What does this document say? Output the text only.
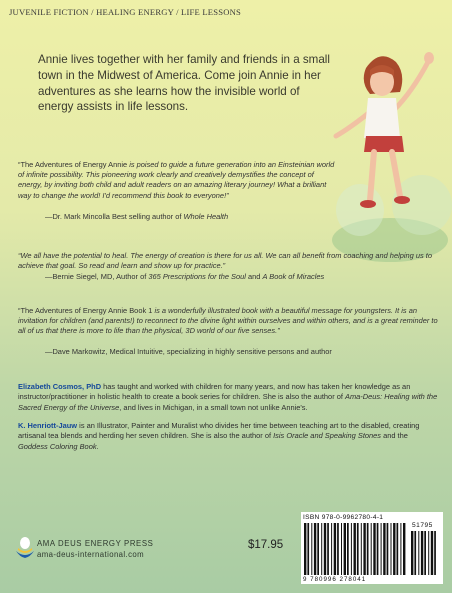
JUVENILE FICTION / HEALING ENERGY / LIFE LESSONS
Annie lives together with her family and friends in a small town in the Midwest of America. Come join Annie in her adventures as she learns how the invisible world of energy assists in life lessons.
“The Adventures of Energy Annie is poised to guide a future generation into an Einsteinian world of infinite possibility. This pioneering work clearly and creatively demystifies the concept of energy, by inviting both child and adult readers on an amazing literary journey! What a brilliant way to change the world! I'd recommend this book to everyone!”
—Dr. Mark Mincolla Best selling author of Whole Health
“We all have the potential to heal. The energy of creation is there for us all. We can all benefit from coaching and helping us to achieve that goal. So read and learn and show up for practice.”
—Bernie Siegel, MD, Author of 365 Prescriptions for the Soul and A Book of Miracles
“The Adventures of Energy Annie Book 1 is a wonderfully illustrated book with a beautiful message for youngsters. It is an invitation for children (and parents!) to reconnect to the divine light within ourselves and within others, and is a great reminder to all of us that there is more to life than the physical, 3D world of our five senses.”
—Dave Markowitz, Medical Intuitive, specializing in highly sensitive persons and author
Elizabeth Cosmos, PhD has taught and worked with children for many years, and now has taken her knowledge as an instructor/practitioner in holistic health to create a book series for children. She is also the author of Ama-Deus: Healing with the Sacred Energy of the Universe, and lives in Michigan, in a small town not unlike Annie's.
K. Henriott-Jauw is an Illustrator, Painter and Muralist who divides her time between teaching art to the disabled, creating artisanal tea blends and herding her seven children. She is also the author of Isis Oracle and Speaking Stones and the Goddess Coloring Book.
AMA DEUS ENERGY PRESS
ama-deus-international.com
$17.95
ISBN 978-0-9962780-4-1
51795
9 780996 278041
